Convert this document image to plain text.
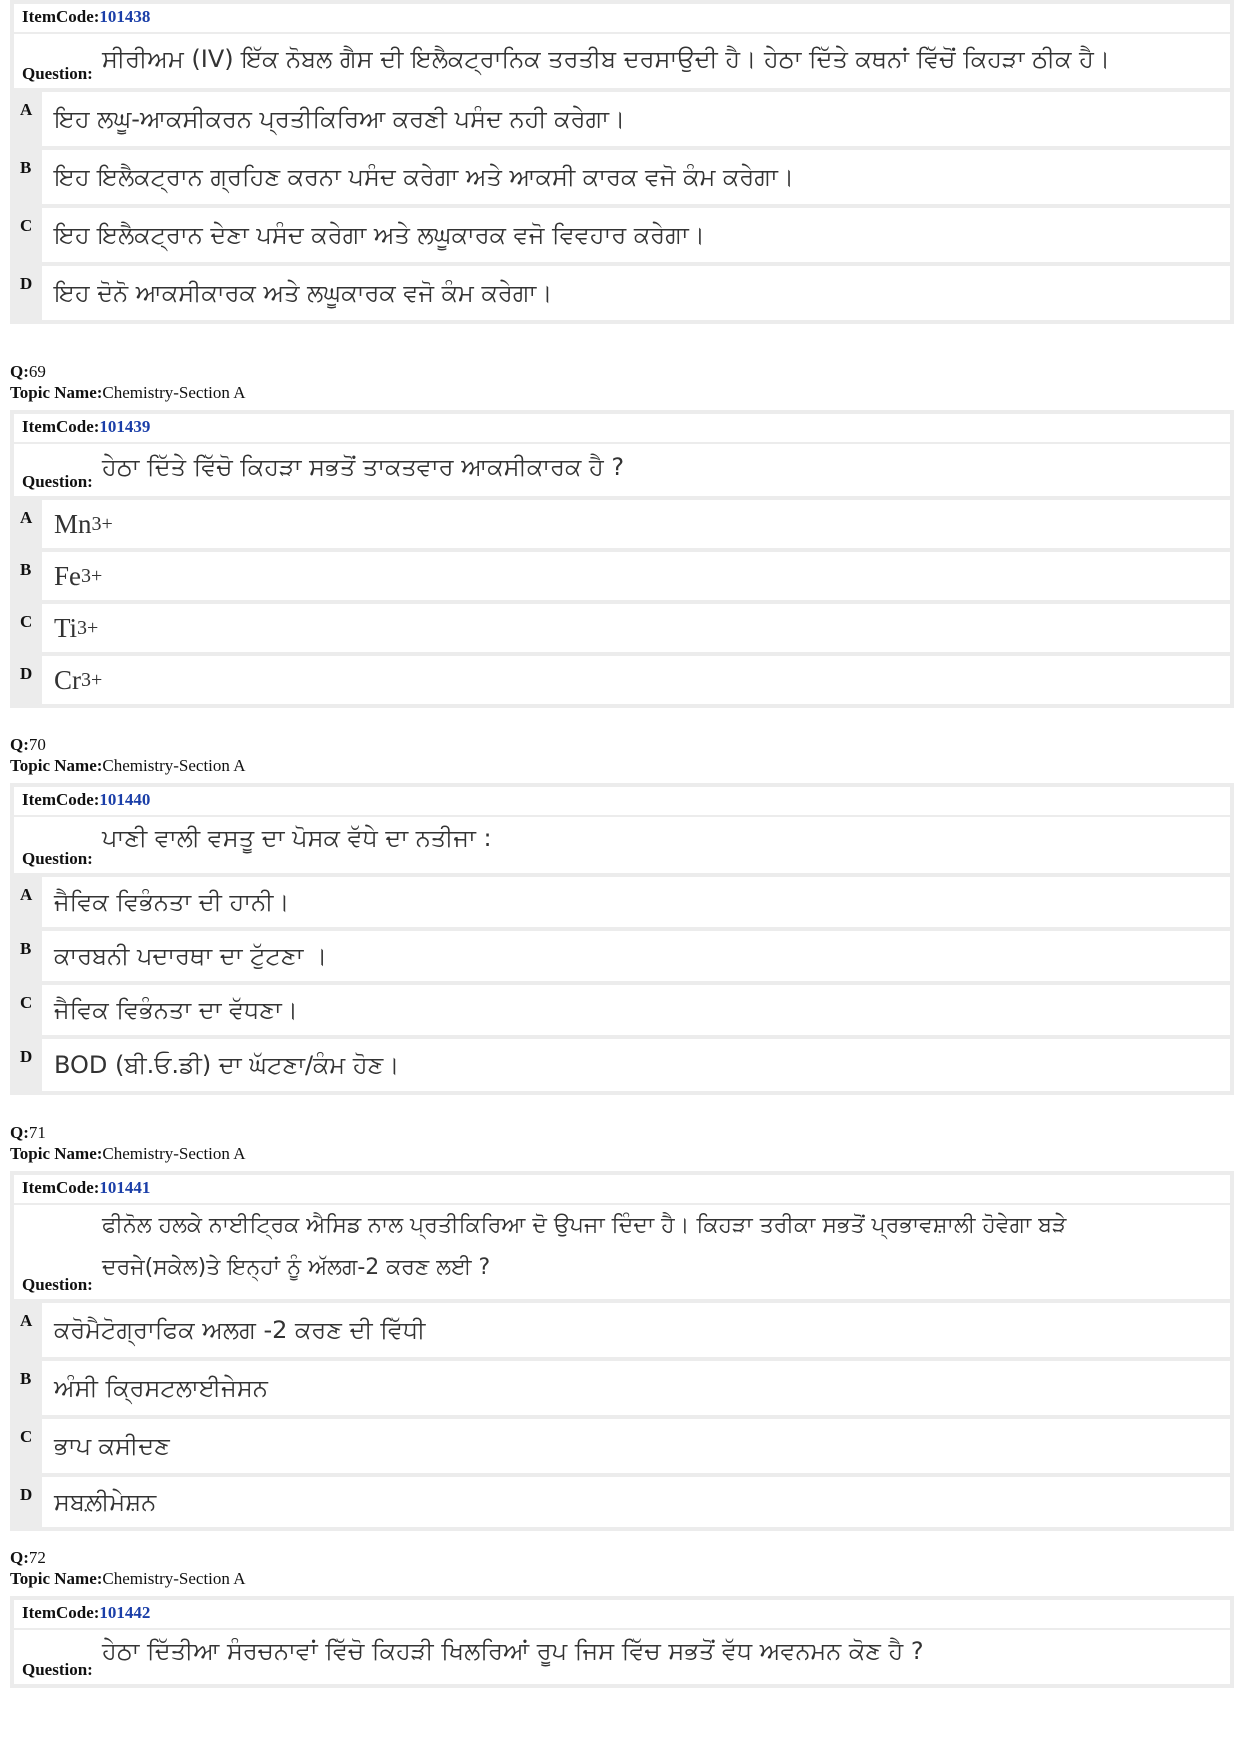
ItemCode:101438
ਸੀਰੀਅਮ (IV) ਇੱਕ ਨੋਬਲ ਗੈਸ ਦੀ ਇਲੈਕਟ੍ਰਾਨਿਕ ਤਰਤੀਬ ਦਰਸਾਉਦੀ ਹੈ। ਹੇਠਾ ਦਿੱਤੇ ਕਥਨਾਂ ਵਿੱਚੋਂ ਕਿਹੜਾ ਠੀਕ ਹੈ।
Question:
A ਇਹ ਲਘੂ-ਆਕਸੀਕਰਨ ਪ੍ਰਤੀਕਿਰਿਆ ਕਰਣੀ ਪਸੰਦ ਨਹੀ ਕਰੇਗਾ।
B ਇਹ ਇਲੈਕਟ੍ਰਾਨ ਗ੍ਰਹਿਣ ਕਰਨਾ ਪਸੰਦ ਕਰੇਗਾ ਅਤੇ ਆਕਸੀ ਕਾਰਕ ਵਜੋ ਕੰਮ ਕਰੇਗਾ।
C ਇਹ ਇਲੈਕਟ੍ਰਾਨ ਦੇਣਾ ਪਸੰਦ ਕਰੇਗਾ ਅਤੇ ਲਘੂਕਾਰਕ ਵਜੋ ਵਿਵਹਾਰ ਕਰੇਗਾ।
D ਇਹ ਦੋਨੋ ਆਕਸੀਕਾਰਕ ਅਤੇ ਲਘੂਕਾਰਕ ਵਜੋ ਕੰਮ ਕਰੇਗਾ।
Q:69
Topic Name:Chemistry-Section A
ItemCode:101439
ਹੇਠਾ ਦਿੱਤੇ ਵਿੱਚੋ ਕਿਹੜਾ ਸਭਤੋਂ ਤਾਕਤਵਾਰ ਆਕਸੀਕਾਰਕ ਹੈ ?
Question:
A Mn 3+
B Fe 3+
C Ti 3+
D Cr 3+
Q:70
Topic Name:Chemistry-Section A
ItemCode:101440
ਪਾਣੀ ਵਾਲੀ ਵਸਤੂ ਦਾ ਪੋਸਕ ਵੱਧੇ ਦਾ ਨਤੀਜਾ :
Question:
A ਜੈਵਿਕ ਵਿਭੰਨਤਾ ਦੀ ਹਾਨੀ।
B ਕਾਰਬਨੀ ਪਦਾਰਥਾ ਦਾ ਟੁੱਟਣਾ ।
C ਜੈਵਿਕ ਵਿਭੰਨਤਾ ਦਾ ਵੱਧਣਾ।
D BOD (ਬੀ.ਓ.ਡੀ) ਦਾ ਘੱਟਣਾ/ਕੰਮ ਹੋਣ।
Q:71
Topic Name:Chemistry-Section A
ItemCode:101441
ਫੀਨੋਲ ਹਲਕੇ ਨਾਈਟ੍ਰਿਕ ਐਸਿਡ ਨਾਲ ਪ੍ਰਤੀਕਿਰਿਆ ਦੋ ਉਪਜਾ ਦਿੰਦਾ ਹੈ। ਕਿਹੜਾ ਤਰੀਕਾ ਸਭਤੋਂ ਪ੍ਰਭਾਵਸ਼ਾਲੀ ਹੋਵੇਗਾ ਬੜੇ
ਦਰਜੇ(ਸਕੇਲ)ਤੇ ਇਨ੍ਹਾਂ ਨੂੰ ਅੱਲਗ-2 ਕਰਣ ਲਈ ?
Question:
A ਕਰੋਮੈਟੋਗ੍ਰਾਫਿਕ ਅਲਗ -2 ਕਰਣ ਦੀ ਵਿੱਧੀ
B ਅੰਸੀ ਕ੍ਰਿਸਟਲਾਈਜੇਸਨ
C ਭਾਪ ਕਸੀਦਣ
D ਸਬਲ਼ੀਮੇਸ਼ਨ
Q:72
Topic Name:Chemistry-Section A
ItemCode:101442
ਹੇਠਾ ਦਿੱਤੀਆ ਸੰਰਚਨਾਵਾਂ ਵਿੱਚੋ ਕਿਹੜੀ ਖਿਲਰਿਆਂ ਰੂਪ ਜਿਸ ਵਿੱਚ ਸਭਤੋਂ ਵੱਧ ਅਵਨਮਨ ਕੋਣ ਹੈ ?
Question:
